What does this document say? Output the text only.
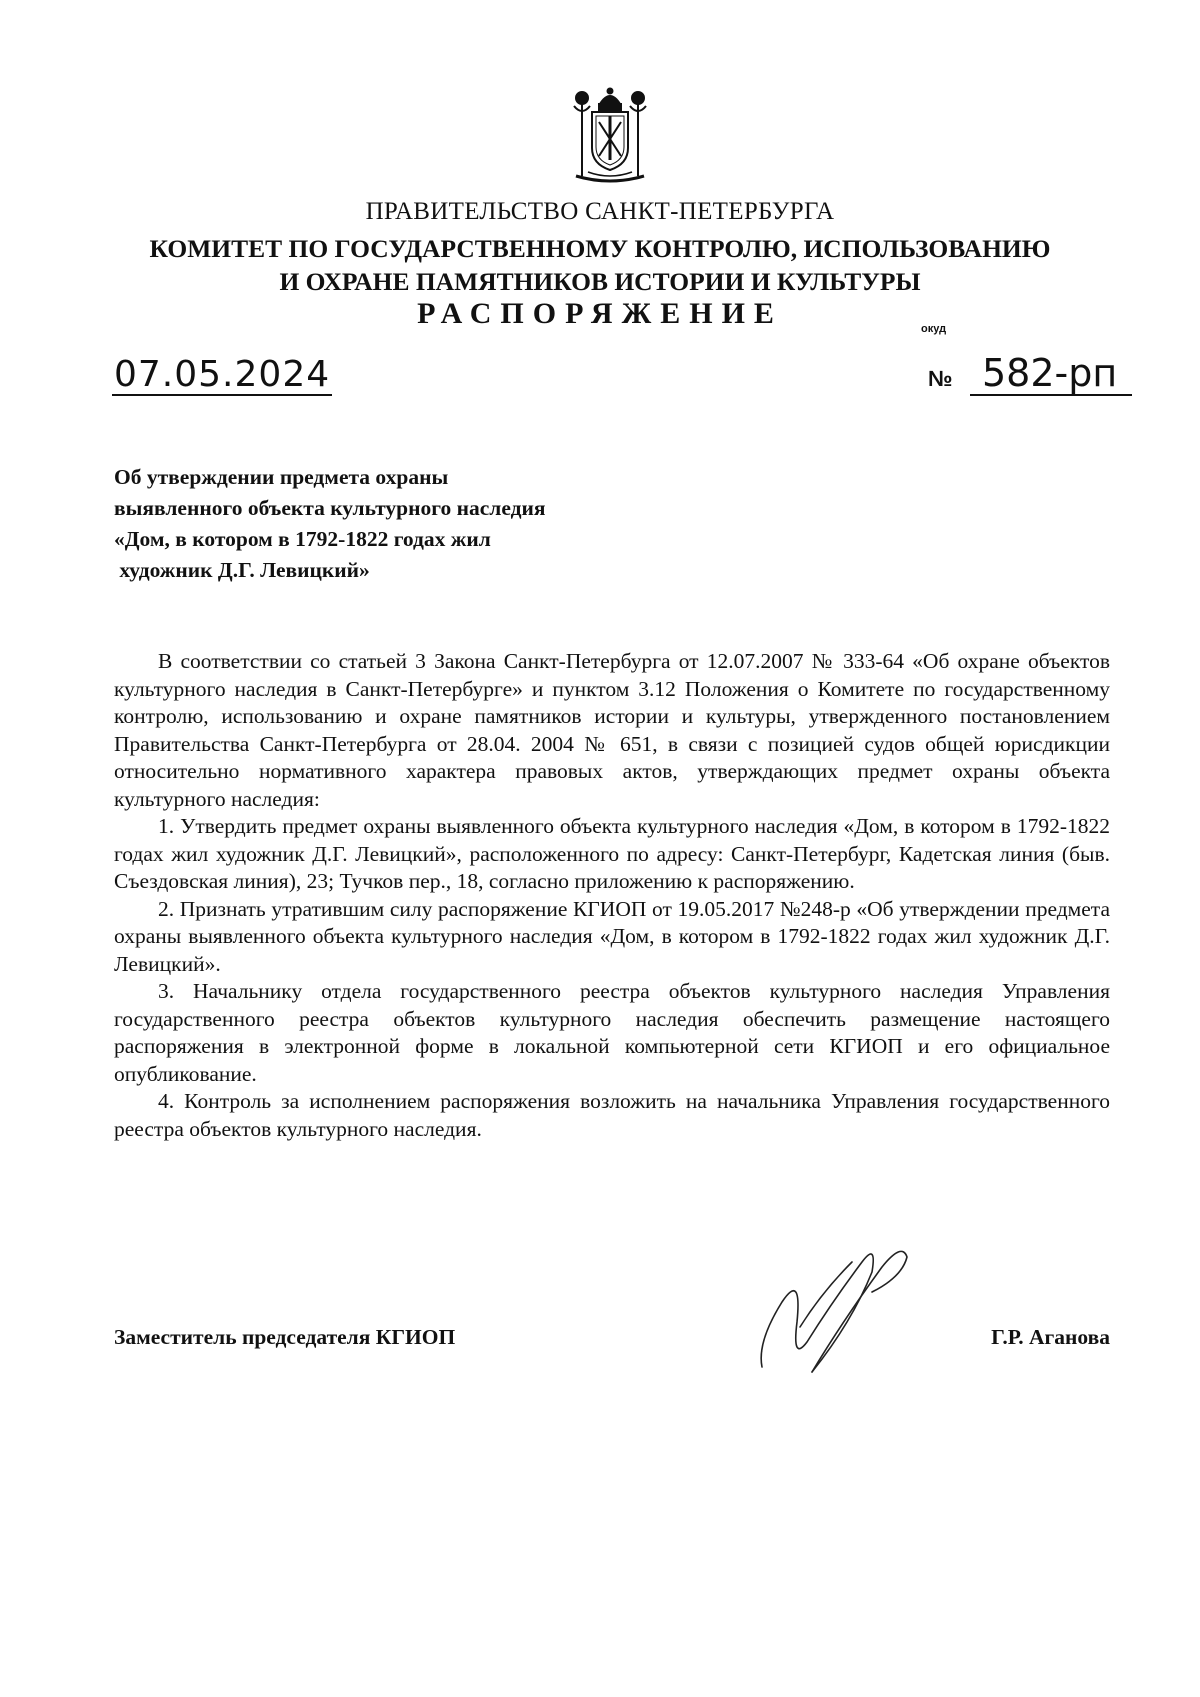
ПРАВИТЕЛЬСТВО САНКТ-ПЕТЕРБУРГА
КОМИТЕТ ПО ГОСУДАРСТВЕННОМУ КОНТРОЛЮ, ИСПОЛЬЗОВАНИЮ
И ОХРАНЕ ПАМЯТНИКОВ ИСТОРИИ И КУЛЬТУРЫ
РАСПОРЯЖЕНИЕ	окуд
07.05.2024	№ 582-рп
Об утверждении предмета охраны
выявленного объекта культурного наследия
«Дом, в котором в 1792-1822 годах жил
художник Д.Г. Левицкий»

В соответствии со статьей 3 Закона Санкт-Петербурга от 12.07.2007 № 333-64 «Об охране объектов культурного наследия в Санкт-Петербурге» и пунктом 3.12 Положения о Комитете по государственному контролю, использованию и охране памятников истории и культуры, утвержденного постановлением Правительства Санкт-Петербурга от 28.04. 2004 № 651, в связи с позицией судов общей юрисдикции относительно нормативного характера правовых актов, утверждающих предмет охраны объекта культурного наследия:

1. Утвердить предмет охраны выявленного объекта культурного наследия «Дом, в котором в 1792-1822 годах жил художник Д.Г. Левицкий», расположенного по адресу: Санкт-Петербург, Кадетская линия (быв. Съездовская линия), 23; Тучков пер., 18, согласно приложению к распоряжению.

2. Признать утратившим силу распоряжение КГИОП от 19.05.2017 №248-р «Об утверждении предмета охраны выявленного объекта культурного наследия «Дом, в котором в 1792-1822 годах жил художник Д.Г. Левицкий».

3. Начальнику отдела государственного реестра объектов культурного наследия Управления государственного реестра объектов культурного наследия обеспечить размещение настоящего распоряжения в электронной форме в локальной компьютерной сети КГИОП и его официальное опубликование.

4. Контроль за исполнением распоряжения возложить на начальника Управления государственного реестра объектов культурного наследия.

Заместитель председателя КГИОП	Г.Р. Аганова
